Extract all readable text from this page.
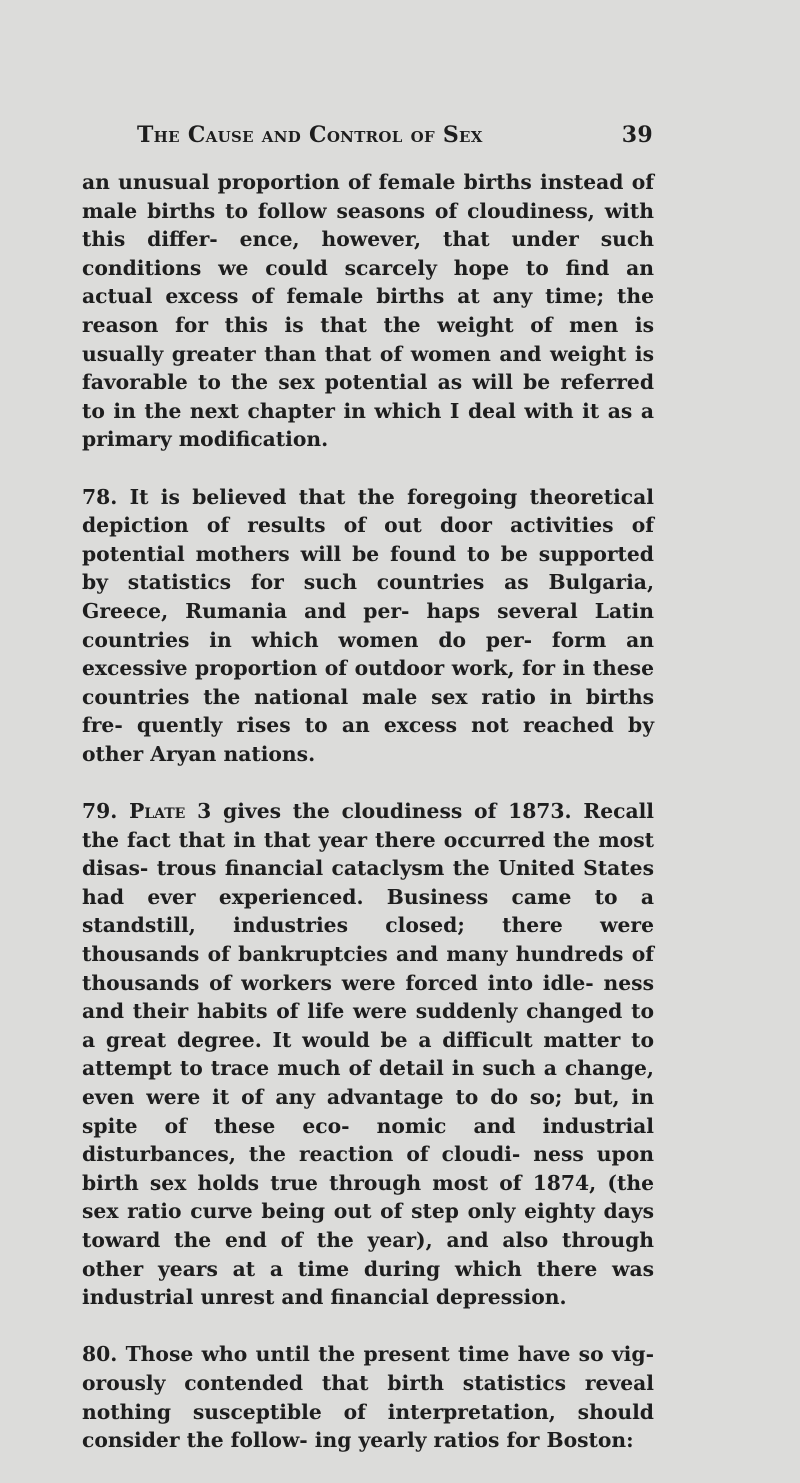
The Cause and Control of Sex	39

an unusual proportion of female births instead of male births to follow seasons of cloudiness, with this differ- ence, however, that under such conditions we could scarcely hope to find an actual excess of female births at any time; the reason for this is that the weight of men is usually greater than that of women and weight is favorable to the sex potential as will be referred to in the next chapter in which I deal with it as a primary modification.

78. It is believed that the foregoing theoretical depiction of results of out door activities of potential mothers will be found to be supported by statistics for such countries as Bulgaria, Greece, Rumania and per- haps several Latin countries in which women do per- form an excessive proportion of outdoor work, for in these countries the national male sex ratio in births fre- quently rises to an excess not reached by other Aryan nations.

79. Plate 3 gives the cloudiness of 1873. Recall the fact that in that year there occurred the most disas- trous financial cataclysm the United States had ever experienced. Business came to a standstill, industries closed; there were thousands of bankruptcies and many hundreds of thousands of workers were forced into idle- ness and their habits of life were suddenly changed to a great degree. It would be a difficult matter to attempt to trace much of detail in such a change, even were it of any advantage to do so; but, in spite of these eco- nomic and industrial disturbances, the reaction of cloudi- ness upon birth sex holds true through most of 1874, (the sex ratio curve being out of step only eighty days toward the end of the year), and also through other years at a time during which there was industrial unrest and financial depression.

80. Those who until the present time have so vig- orously contended that birth statistics reveal nothing susceptible of interpretation, should consider the follow- ing yearly ratios for Boston:
